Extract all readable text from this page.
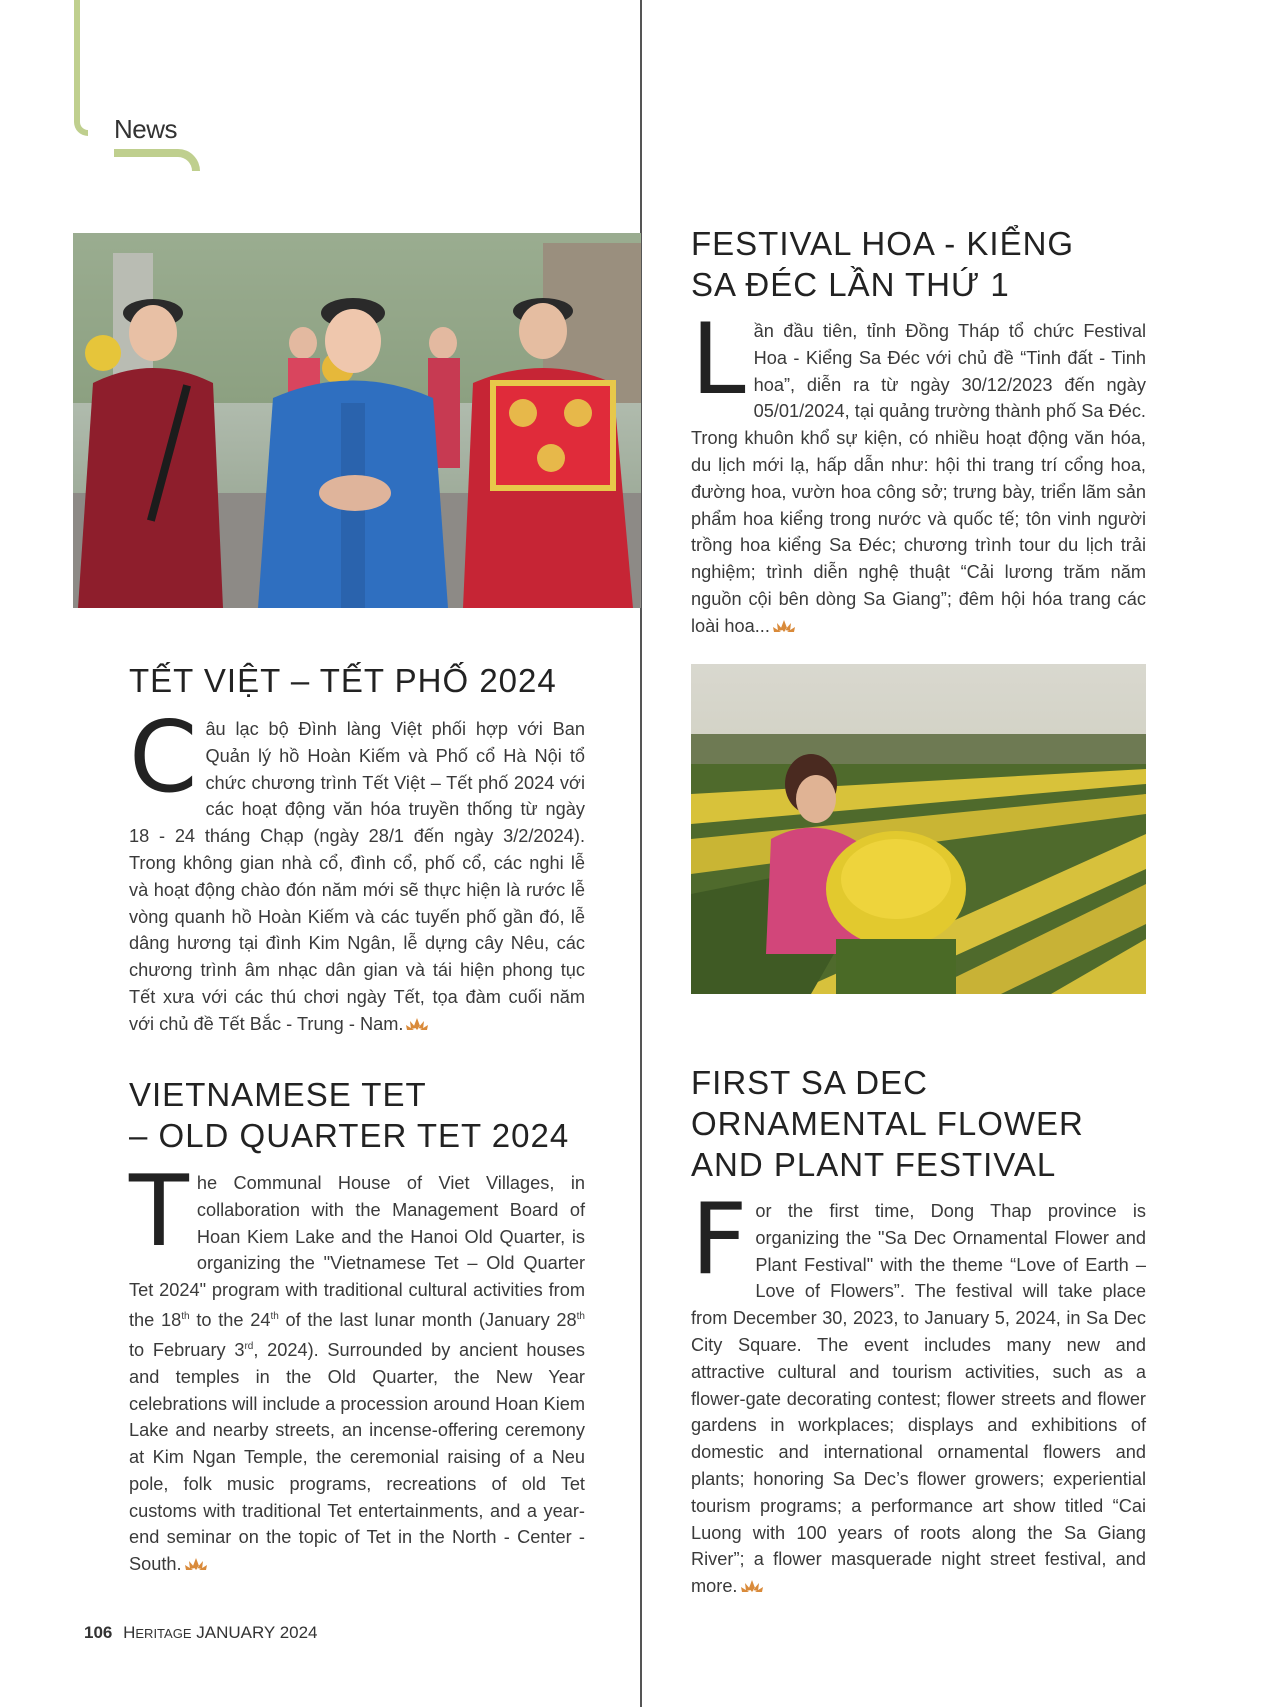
News
TẾT VIỆT – TẾT PHỐ 2024

Câu lạc bộ Đình làng Việt phối hợp với Ban Quản lý hồ Hoàn Kiếm và Phố cổ Hà Nội tổ chức chương trình Tết Việt – Tết phố 2024 với các hoạt động văn hóa truyền thống từ ngày 18 - 24 tháng Chạp (ngày 28/1 đến ngày 3/2/2024). Trong không gian nhà cổ, đình cổ, phố cổ, các nghi lễ và hoạt động chào đón năm mới sẽ thực hiện là rước lễ vòng quanh hồ Hoàn Kiếm và các tuyến phố gần đó, lễ dâng hương tại đình Kim Ngân, lễ dựng cây Nêu, các chương trình âm nhạc dân gian và tái hiện phong tục Tết xưa với các thú chơi ngày Tết, tọa đàm cuối năm với chủ đề Tết Bắc - Trung - Nam.

VIETNAMESE TET
– OLD QUARTER TET 2024

The Communal House of Viet Villages, in collaboration with the Management Board of Hoan Kiem Lake and the Hanoi Old Quarter, is organizing the "Vietnamese Tet – Old Quarter Tet 2024" program with traditional cultural activities from the 18th to the 24th of the last lunar month (January 28th to February 3rd, 2024). Surrounded by ancient houses and temples in the Old Quarter, the New Year celebrations will include a procession around Hoan Kiem Lake and nearby streets, an incense-offering ceremony at Kim Ngan Temple, the ceremonial raising of a Neu pole, folk music programs, recreations of old Tet customs with traditional Tet entertainments, and a year-end seminar on the topic of Tet in the North - Center - South.

FESTIVAL HOA - KIỂNG
SA ĐÉC LẦN THỨ 1

Lần đầu tiên, tỉnh Đồng Tháp tổ chức Festival Hoa - Kiểng Sa Đéc với chủ đề “Tinh đất - Tinh hoa”, diễn ra từ ngày 30/12/2023 đến ngày 05/01/2024, tại quảng trường thành phố Sa Đéc. Trong khuôn khổ sự kiện, có nhiều hoạt động văn hóa, du lịch mới lạ, hấp dẫn như: hội thi trang trí cổng hoa, đường hoa, vườn hoa công sở; trưng bày, triển lãm sản phẩm hoa kiểng trong nước và quốc tế; tôn vinh người trồng hoa kiểng Sa Đéc; chương trình tour du lịch trải nghiệm; trình diễn nghệ thuật “Cải lương trăm năm nguồn cội bên dòng Sa Giang”; đêm hội hóa trang các loài hoa...

FIRST SA DEC
ORNAMENTAL FLOWER
AND PLANT FESTIVAL

For the first time, Dong Thap province is organizing the "Sa Dec Ornamental Flower and Plant Festival" with the theme “Love of Earth – Love of Flowers”. The festival will take place from December 30, 2023, to January 5, 2024, in Sa Dec City Square. The event includes many new and attractive cultural and tourism activities, such as a flower-gate decorating contest; flower streets and flower gardens in workplaces; displays and exhibitions of domestic and international ornamental flowers and plants; honoring Sa Dec’s flower growers; experiential tourism programs; a performance art show titled “Cai Luong with 100 years of roots along the Sa Giang River”; a flower masquerade night street festival, and more.

106 HERITAGE JANUARY 2024
